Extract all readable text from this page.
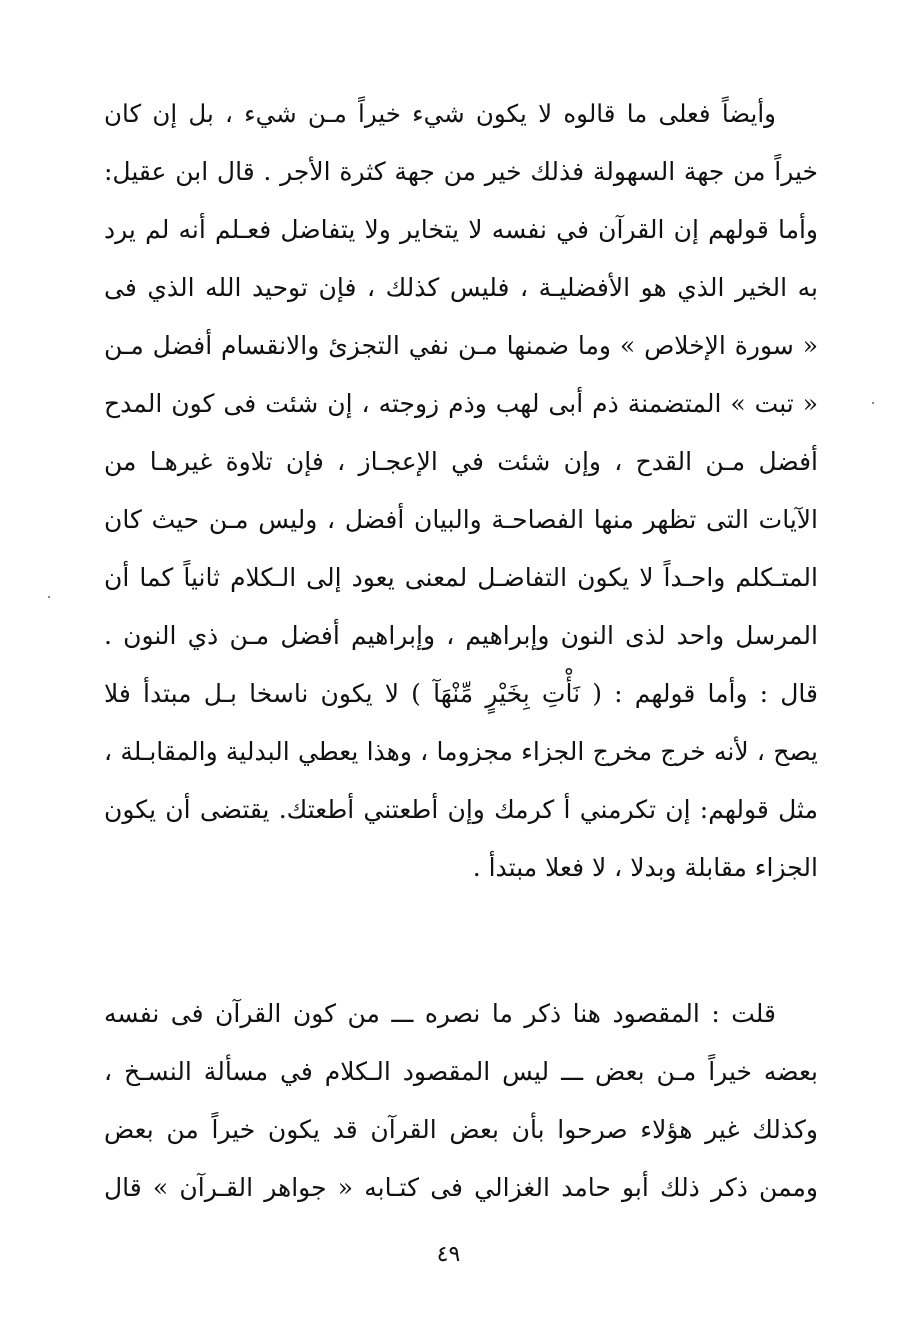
وأيضاً فعلى ما قالوه لا يكون شيء خيراً مـن شيء ، بل إن كان
خيراً من جهة السهولة فذلك خير من جهة كثرة الأجر . قال ابن عقيل:
وأما قولهم إن القرآن في نفسه لا يتخاير ولا يتفاضل فعـلم أنه لم يرد
به الخير الذي هو الأفضليـة ، فليس كذلك ، فإن توحيد الله الذي فى
« سورة الإخلاص » وما ضمنها مـن نفي التجزئ والانقسام أفضل مـن
« تبت » المتضمنة ذم أبى لهب وذم زوجته ، إن شئت فى كون المدح
أفضل مـن القدح ، وإن شئت في الإعجـاز ، فإن تلاوة غيرهـا من
الآيات التى تظهر منها الفصاحـة والبيان أفضل ، وليس مـن حيث كان
المتـكلم واحـداً لا يكون التفاضـل لمعنى يعود إلى الـكلام ثانياً كما أن
المرسل واحد لذى النون وإبراهيم ، وإبراهيم أفضل مـن ذي النون .
قال : وأما قولهم : ( نَأْتِ بِخَيْرٍ مِّنْهَآ ) لا يكون ناسخا بـل مبتدأ فلا
يصح ، لأنه خرج مخرج الجزاء مجزوما ، وهذا يعطي البدلية والمقابـلة ،
مثل قولهم: إن تكرمني أ كرمك وإن أطعتني أطعتك. يقتضى أن يكون
الجزاء مقابلة وبدلا ، لا فعلا مبتدأ .
قلت : المقصود هنا ذكر ما نصره ـــ من كون القرآن فى نفسه
بعضه خيراً مـن بعض ـــ ليس المقصود الـكلام في مسألة النسـخ ،
وكذلك غير هؤلاء صرحوا بأن بعض القرآن قد يكون خيراً من بعض
وممن ذكر ذلك أبو حامد الغزالي فى كتـابه « جواهر القـرآن » قال
٤٩
